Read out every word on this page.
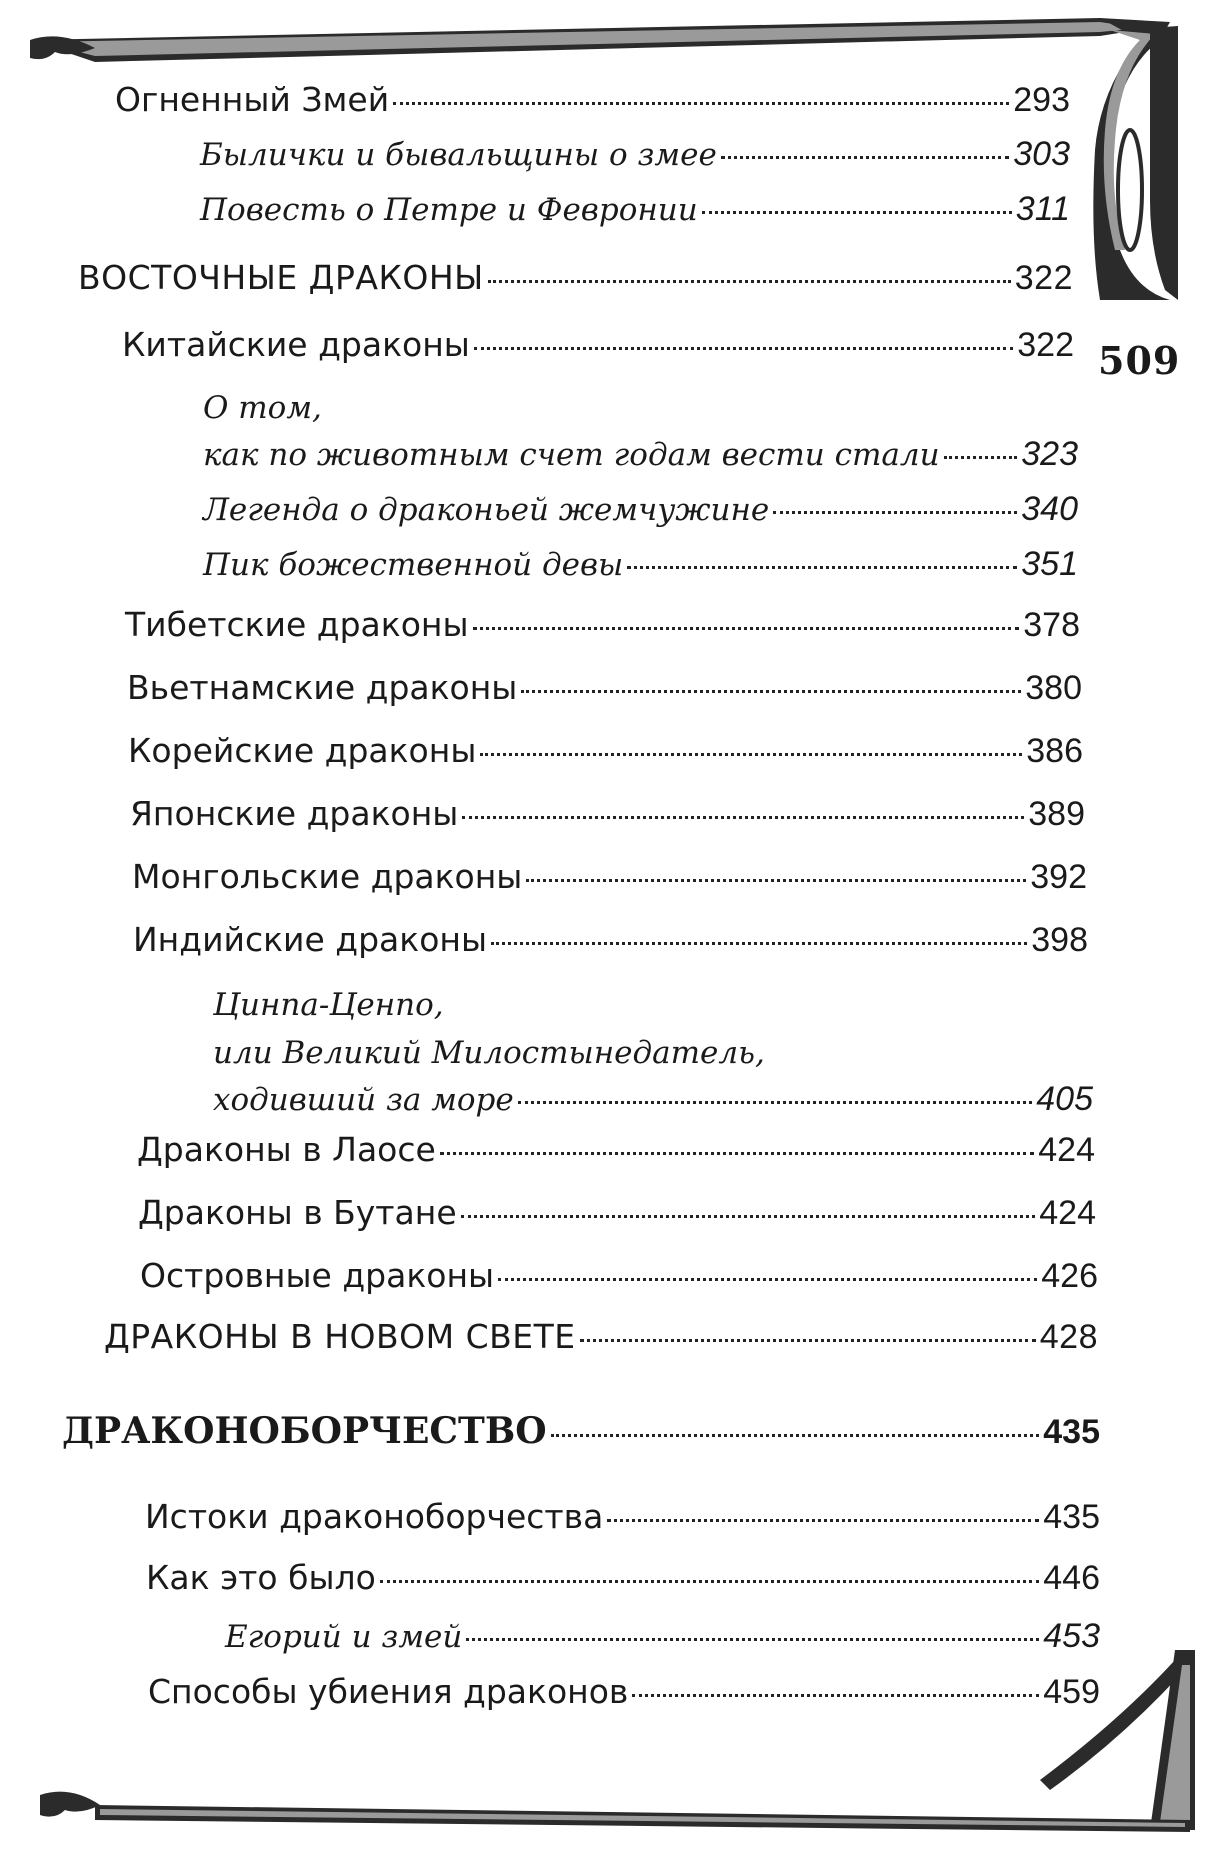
509
Огненный Змей	293
Былички и бывальщины о змее	303
Повесть о Петре и Февронии	311
ВОСТОЧНЫЕ ДРАКОНЫ	322
Китайские драконы	322
О том,
как по животным счет годам вести стали 323
Легенда о драконьей жемчужине	340
Пик божественной девы	351
Тибетские драконы	378
Вьетнамские драконы	380
Корейские драконы	386
Японские драконы	389
Монгольские драконы	392
Индийские драконы	398
Цинпа-Ценпо,
или Великий Милостынедатель,
ходивший за море	405
Драконы в Лаосе	424
Драконы в Бутане	424
Островные драконы	426
ДРАКОНЫ В НОВОМ СВЕТЕ	428
ДРАКОНОБОРЧЕСТВО	435
Истоки драконоборчества	435
Как это было	446
Егорий и змей	453
Способы убиения драконов	459
